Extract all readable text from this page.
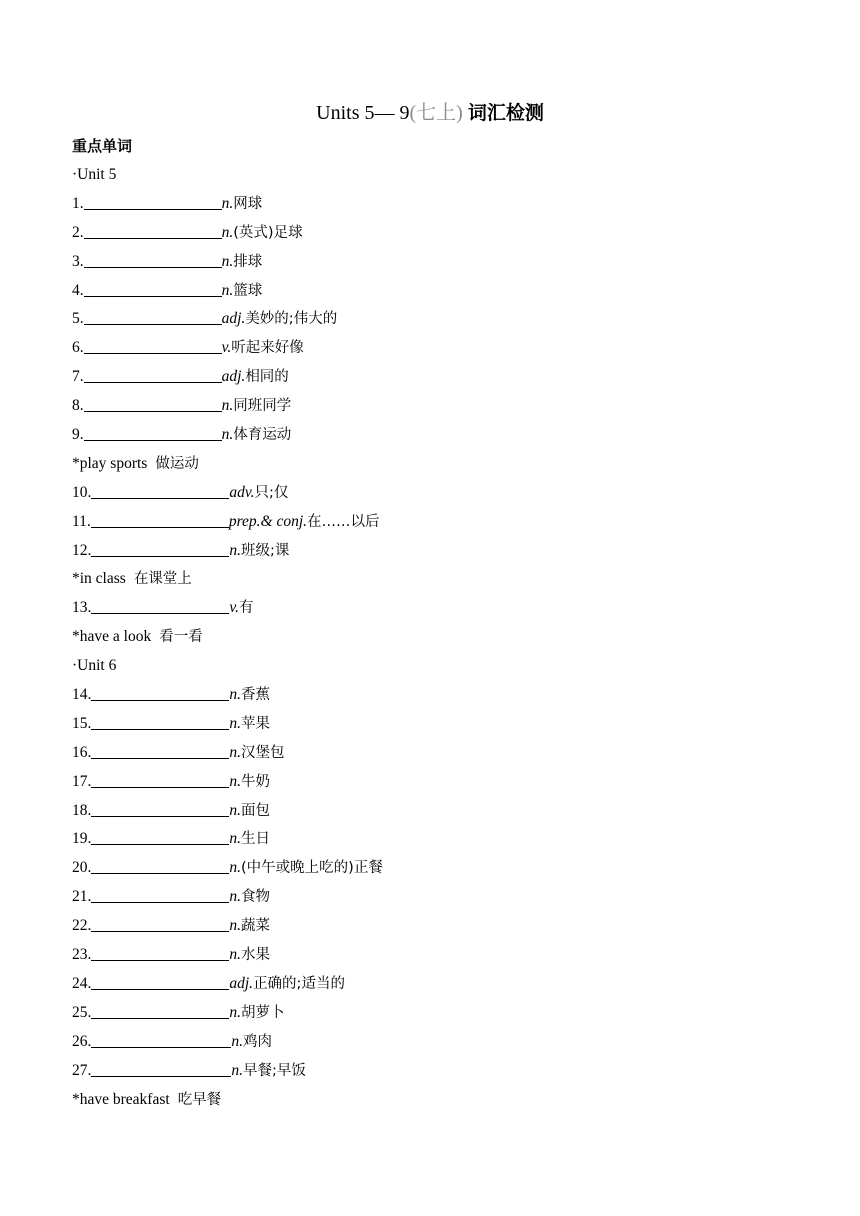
Units 5— 9(七上) 词汇检测
重点单词
·Unit 5
1.	n.网球
2.	n.(英式)足球
3.	n.排球
4.	n.篮球
5.	adj.美妙的;伟大的
6.	v.听起来好像
7.	adj.相同的
8.	n.同班同学
9.	n.体育运动
*play sports 做运动
10.	adv.只;仅
11.	prep.& conj.在……以后
12.	n.班级;课
*in class 在课堂上
13.	v.有
*have a look 看一看
·Unit 6
14.	n.香蕉
15.	n.苹果
16.	n.汉堡包
17.	n.牛奶
18.	n.面包
19.	n.生日
20.	n.(中午或晚上吃的)正餐
21.	n.食物
22.	n.蔬菜
23.	n.水果
24.	adj.正确的;适当的
25.	n.胡萝卜
26.	n.鸡肉
27.	n.早餐;早饭
*have breakfast 吃早餐
